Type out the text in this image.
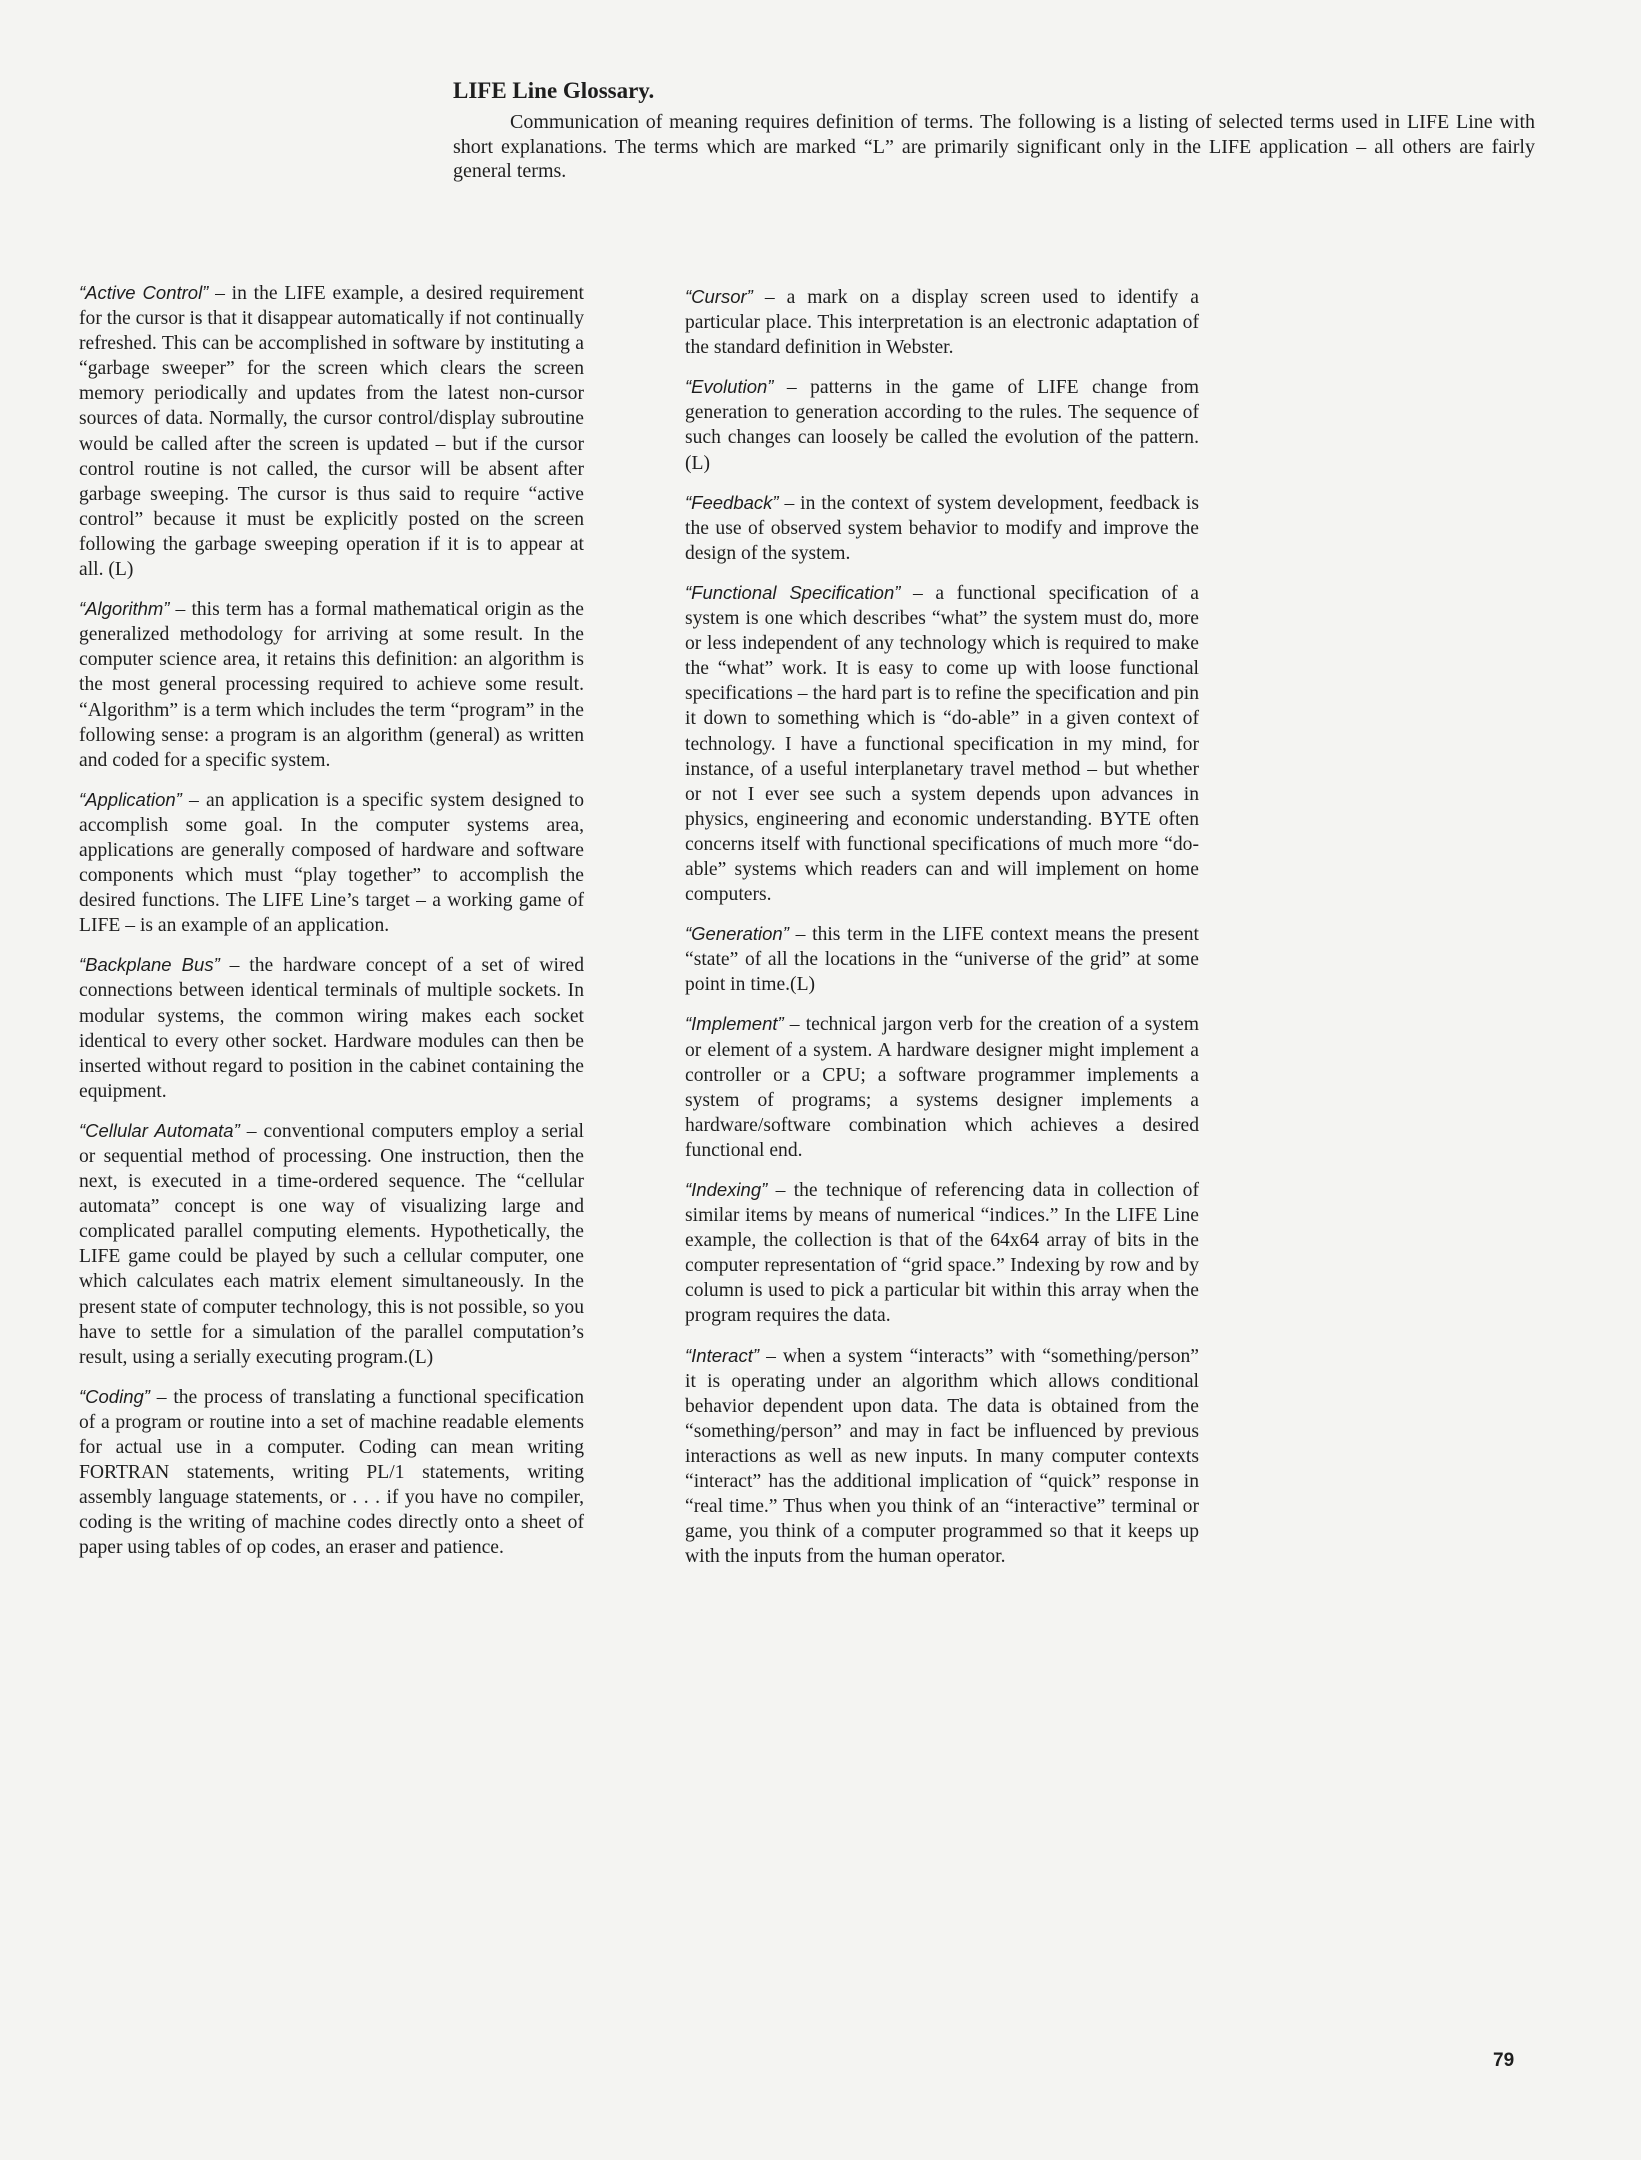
LIFE Line Glossary.
Communication of meaning requires definition of terms. The following is a listing of selected terms used in LIFE Line with short explanations. The terms which are marked “L” are primarily significant only in the LIFE application – all others are fairly general terms.

“Active Control” – in the LIFE example, a desired requirement for the cursor is that it disappear automatically if not continually refreshed. This can be accomplished in software by instituting a “garbage sweeper” for the screen which clears the screen memory periodically and updates from the latest non-cursor sources of data. Normally, the cursor control/display subroutine would be called after the screen is updated – but if the cursor control routine is not called, the cursor will be absent after garbage sweeping. The cursor is thus said to require “active control” because it must be explicitly posted on the screen following the garbage sweeping operation if it is to appear at all. (L)

“Algorithm” – this term has a formal mathematical origin as the generalized methodology for arriving at some result. In the computer science area, it retains this definition: an algorithm is the most general processing required to achieve some result. “Algorithm” is a term which includes the term “program” in the following sense: a program is an algorithm (general) as written and coded for a specific system.

“Application” – an application is a specific system designed to accomplish some goal. In the computer systems area, applications are generally composed of hardware and software components which must “play together” to accomplish the desired functions. The LIFE Line’s target – a working game of LIFE – is an example of an application.

“Backplane Bus” – the hardware concept of a set of wired connections between identical terminals of multiple sockets. In modular systems, the common wiring makes each socket identical to every other socket. Hardware modules can then be inserted without regard to position in the cabinet containing the equipment.

“Cellular Automata” – conventional computers employ a serial or sequential method of processing. One instruction, then the next, is executed in a time-ordered sequence. The “cellular automata” concept is one way of visualizing large and complicated parallel computing elements. Hypothetically, the LIFE game could be played by such a cellular computer, one which calculates each matrix element simultaneously. In the present state of computer technology, this is not possible, so you have to settle for a simulation of the parallel computation’s result, using a serially executing program.(L)

“Coding” – the process of translating a functional specification of a program or routine into a set of machine readable elements for actual use in a computer. Coding can mean writing FORTRAN statements, writing PL/1 statements, writing assembly language statements, or . . . if you have no compiler, coding is the writing of machine codes directly onto a sheet of paper using tables of op codes, an eraser and patience.

“Cursor” – a mark on a display screen used to identify a particular place. This interpretation is an electronic adaptation of the standard definition in Webster.

“Evolution” – patterns in the game of LIFE change from generation to generation according to the rules. The sequence of such changes can loosely be called the evolution of the pattern.(L)

“Feedback” – in the context of system development, feedback is the use of observed system behavior to modify and improve the design of the system.

“Functional Specification” – a functional specification of a system is one which describes “what” the system must do, more or less independent of any technology which is required to make the “what” work. It is easy to come up with loose functional specifications – the hard part is to refine the specification and pin it down to something which is “do-able” in a given context of technology. I have a functional specification in my mind, for instance, of a useful interplanetary travel method – but whether or not I ever see such a system depends upon advances in physics, engineering and economic understanding. BYTE often concerns itself with functional specifications of much more “do-able” systems which readers can and will implement on home computers.

“Generation” – this term in the LIFE context means the present “state” of all the locations in the “universe of the grid” at some point in time.(L)

“Implement” – technical jargon verb for the creation of a system or element of a system. A hardware designer might implement a controller or a CPU; a software programmer implements a system of programs; a systems designer implements a hardware/software combination which achieves a desired functional end.

“Indexing” – the technique of referencing data in collection of similar items by means of numerical “indices.” In the LIFE Line example, the collection is that of the 64x64 array of bits in the computer representation of “grid space.” Indexing by row and by column is used to pick a particular bit within this array when the program requires the data.

“Interact” – when a system “interacts” with “something/person” it is operating under an algorithm which allows conditional behavior dependent upon data. The data is obtained from the “something/person” and may in fact be influenced by previous interactions as well as new inputs. In many computer contexts “interact” has the additional implication of “quick” response in “real time.” Thus when you think of an “interactive” terminal or game, you think of a computer programmed so that it keeps up with the inputs from the human operator.

79
